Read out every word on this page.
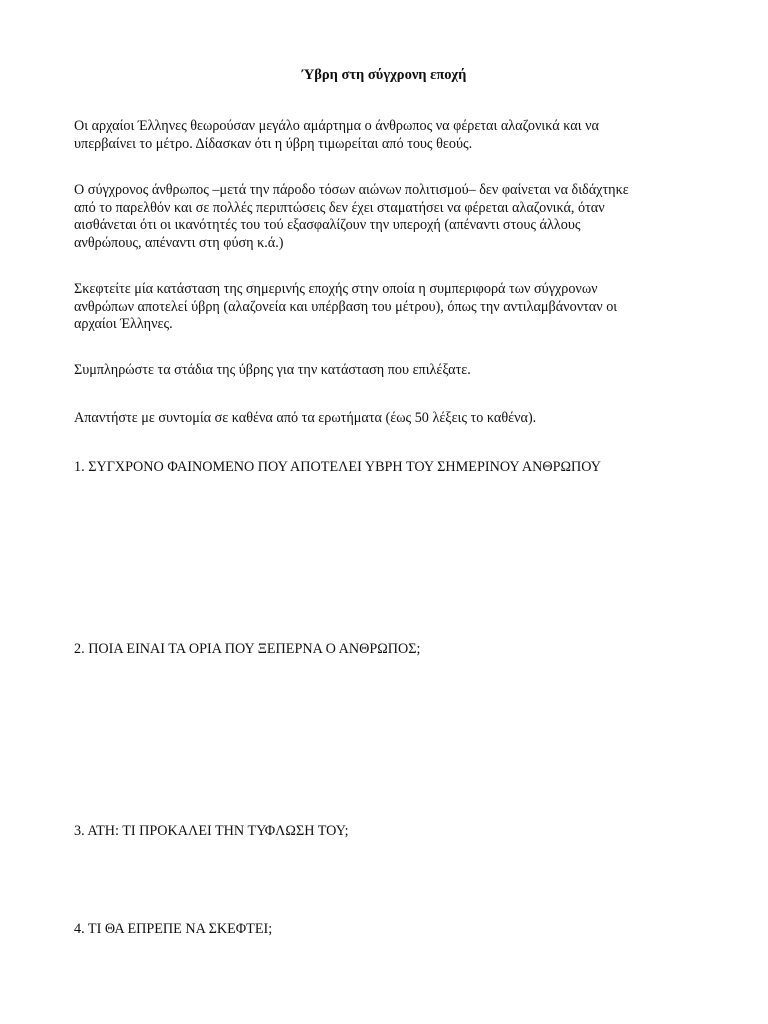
Ύβρη στη σύγχρονη εποχή

Οι αρχαίοι Έλληνες θεωρούσαν μεγάλο αμάρτημα ο άνθρωπος να φέρεται αλαζονικά και να
υπερβαίνει το μέτρο. Δίδασκαν ότι η ύβρη τιμωρείται από τους θεούς.

Ο σύγχρονος άνθρωπος –μετά την πάροδο τόσων αιώνων πολιτισμού– δεν φαίνεται να διδάχτηκε
από το παρελθόν και σε πολλές περιπτώσεις δεν έχει σταματήσει να φέρεται αλαζονικά, όταν
αισθάνεται ότι οι ικανότητές του τού εξασφαλίζουν την υπεροχή (απέναντι στους άλλους
ανθρώπους, απέναντι στη φύση κ.ά.)

Σκεφτείτε μία κατάσταση της σημερινής εποχής στην οποία η συμπεριφορά των σύγχρονων
ανθρώπων αποτελεί ύβρη (αλαζονεία και υπέρβαση του μέτρου), όπως την αντιλαμβάνονταν οι
αρχαίοι Έλληνες.

Συμπληρώστε τα στάδια της ύβρης για την κατάσταση που επιλέξατε.

Απαντήστε με συντομία σε καθένα από τα ερωτήματα (έως 50 λέξεις το καθένα).

1. ΣΥΓΧΡΟΝΟ ΦΑΙΝΟΜΕΝΟ ΠΟΥ ΑΠΟΤΕΛΕΙ ΥΒΡΗ ΤΟΥ ΣΗΜΕΡΙΝΟΥ ΑΝΘΡΩΠΟΥ

2. ΠΟΙΑ ΕΙΝΑΙ ΤΑ ΟΡΙΑ ΠΟΥ ΞΕΠΕΡΝΑ Ο ΑΝΘΡΩΠΟΣ;

3. ΑΤΗ: ΤΙ ΠΡΟΚΑΛΕΙ ΤΗΝ ΤΥΦΛΩΣΗ ΤΟΥ;

4. ΤΙ ΘΑ ΕΠΡΕΠΕ ΝΑ ΣΚΕΦΤΕΙ;
